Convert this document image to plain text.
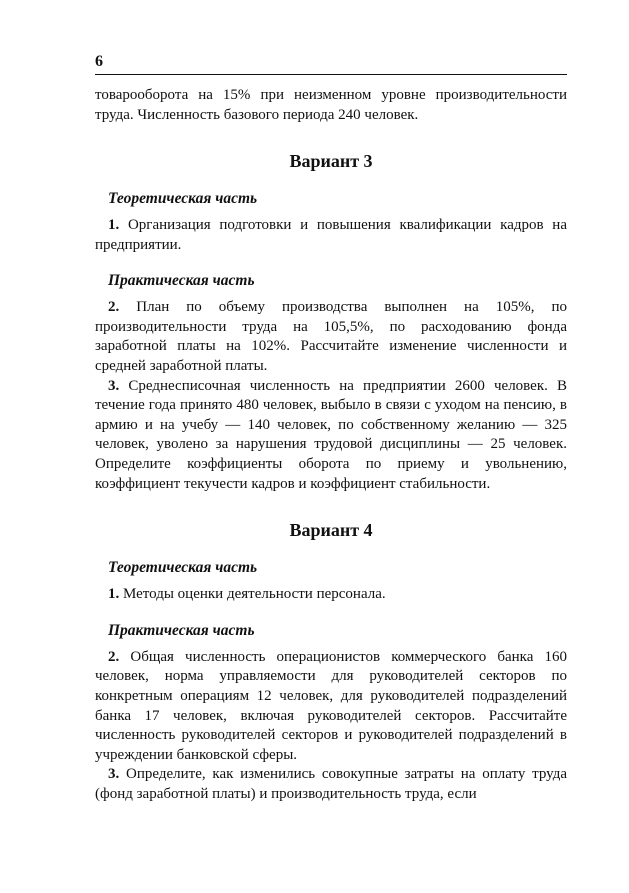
6

товарооборота на 15% при неизменном уровне производительности труда. Численность базового периода 240 человек.

Вариант 3
Теоретическая часть

1. Организация подготовки и повышения квалификации кадров на предприятии.

Практическая часть

2. План по объему производства выполнен на 105%, по производительности труда на 105,5%, по расходованию фонда заработной платы на 102%. Рассчитайте изменение численности и средней заработной платы.

3. Среднесписочная численность на предприятии 2600 человек. В течение года принято 480 человек, выбыло в связи с уходом на пенсию, в армию и на учебу — 140 человек, по собственному желанию — 325 человек, уволено за нарушения трудовой дисциплины — 25 человек. Определите коэффициенты оборота по приему и увольнению, коэффициент текучести кадров и коэффициент стабильности.

Вариант 4
Теоретическая часть

1. Методы оценки деятельности персонала.

Практическая часть

2. Общая численность операционистов коммерческого банка 160 человек, норма управляемости для руководителей секторов по конкретным операциям 12 человек, для руководителей подразделений банка 17 человек, включая руководителей секторов. Рассчитайте численность руководителей секторов и руководителей подразделений в учреждении банковской сферы.

3. Определите, как изменились совокупные затраты на оплату труда (фонд заработной платы) и производительность труда, если
